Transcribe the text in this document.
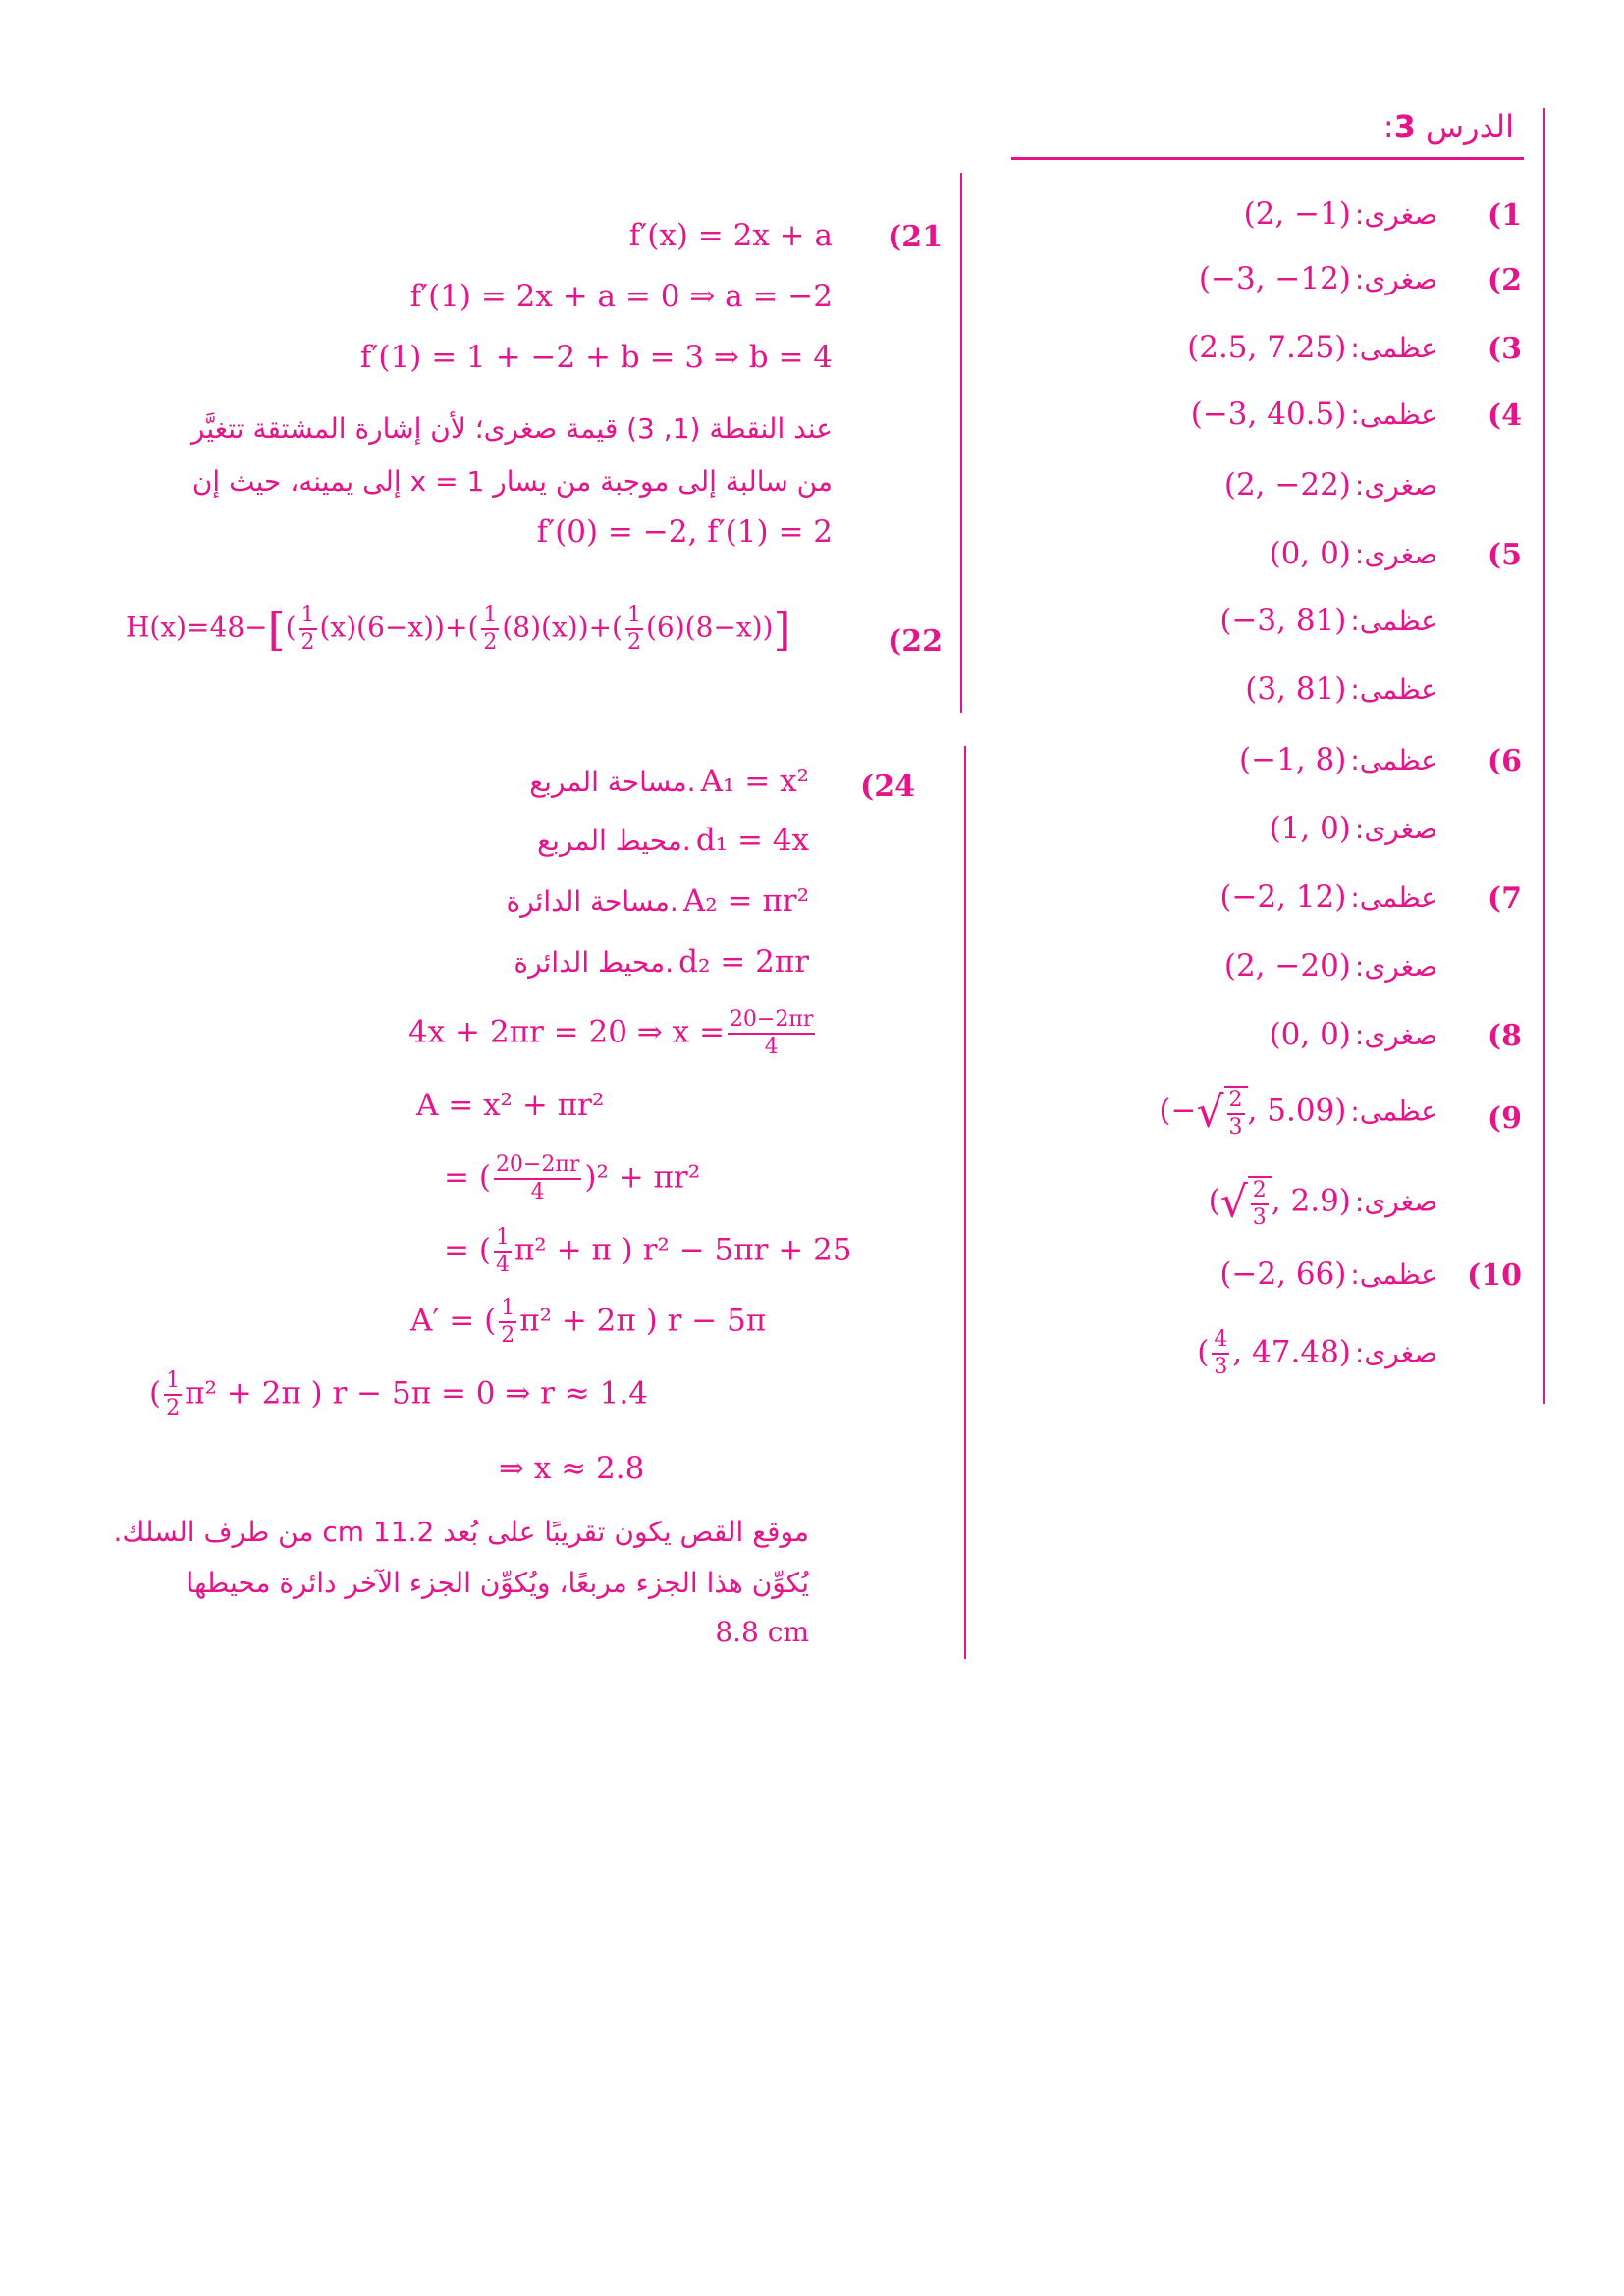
الدرس 3:
(1
(2, −1) :صغرى
(2
(−3, −12) :صغرى
(3
(2.5, 7.25) :عظمى
(4
(−3, 40.5) :عظمى
(2, −22) :صغرى
(5
(0, 0) :صغرى
(−3, 81) :عظمى
(3, 81) :عظمى
(6
(−1, 8) :عظمى
(1, 0) :صغرى
(7
(−2, 12) :عظمى
(2, −20) :صغرى
(8
(0, 0) :صغرى
(9
(−√ $\frac{2}{3}$ , 5.09) :عظمى
(√ $\frac{2}{3}$ , 2.9) :صغرى
(10
(−2, 66) :عظمى
( $\frac{4}{3}$ , 47.48) :صغرى
(21
f′(x) = 2x + a
f′(1) = 2x + a = 0 ⇒ a = −2
f′(1) = 1 + −2 + b = 3 ⇒ b = 4
عند النقطة (1, 3) قيمة صغرى؛ لأن إشارة المشتقة تتغيَّر
من سالبة إلى موجبة من يسار x = 1 إلى يمينه، حيث إن
f′(0) = −2, f′(1) = 2
(22
$H(x)=48-[( \frac{1}{2} (x)(6-x))+( \frac{1}{2} (8)(x))+( \frac{1}{2} (6)(8-x))]$
(24
مساحة المربع. A₁ = x²
محيط المربع. d₁ = 4x
مساحة الدائرة. A₂ = πr²
محيط الدائرة. d₂ = 2πr
4x + 2πr = 20 ⇒ $x = \frac{20-2\pi r}{4}$
A = x² + πr²
= ( $\frac{20-2\pi r}{4} )^2 + \pi r^2$
= ( $\frac{1}{4} \pi^2 + \pi$ ) r² − 5πr + 25
A′ = ( $\frac{1}{2} \pi^2 + 2\pi$ ) r − 5π
( $\frac{1}{2} \pi^2 + 2\pi$ ) r − 5π = 0 ⇒ r ≈ 1.4
⇒ x ≈ 2.8
موقع القص يكون تقريبًا على بُعد 11.2 cm من طرف السلك.
يُكوِّن هذا الجزء مربعًا، ويُكوِّن الجزء الآخر دائرة محيطها
8.8 cm
